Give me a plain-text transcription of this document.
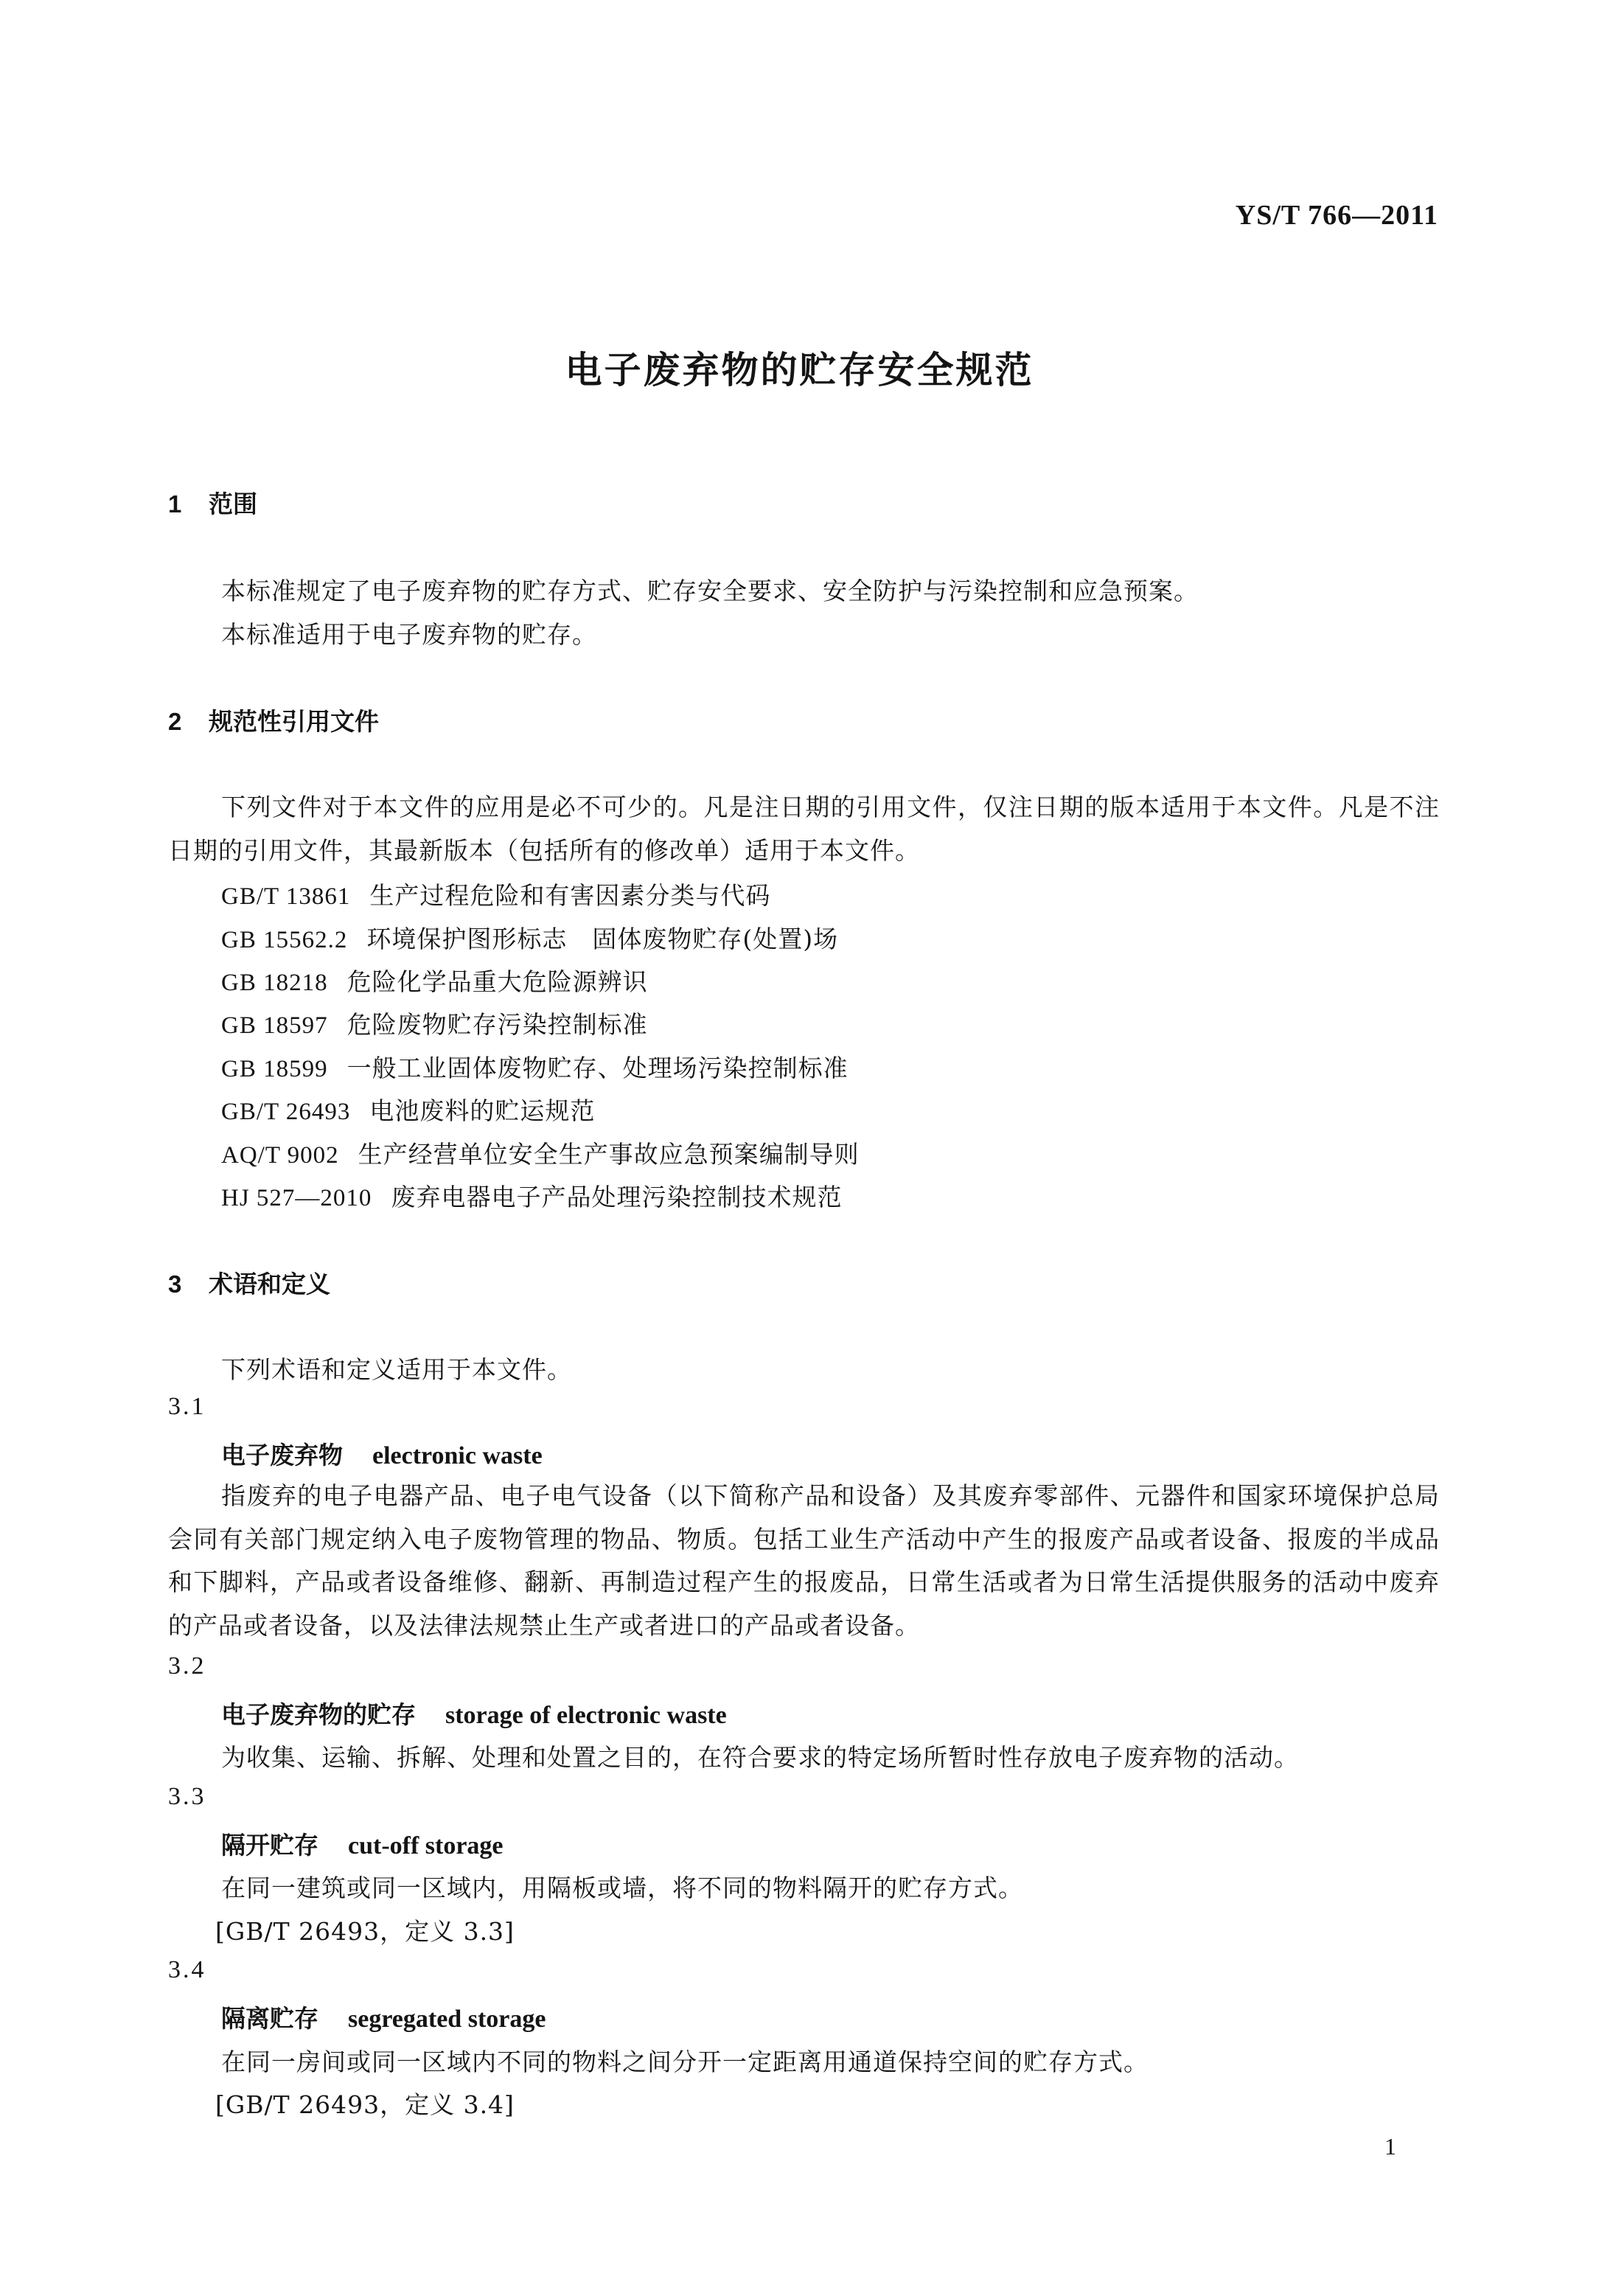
YS/T 766—2011
电子废弃物的贮存安全规范
1 范围
本标准规定了电子废弃物的贮存方式、贮存安全要求、安全防护与污染控制和应急预案。
本标准适用于电子废弃物的贮存。
2 规范性引用文件
下列文件对于本文件的应用是必不可少的。凡是注日期的引用文件，仅注日期的版本适用于本文件。凡是不注日期的引用文件，其最新版本（包括所有的修改单）适用于本文件。
GB/T 13861 生产过程危险和有害因素分类与代码
GB 15562.2 环境保护图形标志　固体废物贮存(处置)场
GB 18218 危险化学品重大危险源辨识
GB 18597 危险废物贮存污染控制标准
GB 18599 一般工业固体废物贮存、处理场污染控制标准
GB/T 26493 电池废料的贮运规范
AQ/T 9002 生产经营单位安全生产事故应急预案编制导则
HJ 527—2010 废弃电器电子产品处理污染控制技术规范
3 术语和定义
下列术语和定义适用于本文件。
3.1
电子废弃物 electronic waste
指废弃的电子电器产品、电子电气设备（以下简称产品和设备）及其废弃零部件、元器件和国家环境保护总局会同有关部门规定纳入电子废物管理的物品、物质。包括工业生产活动中产生的报废产品或者设备、报废的半成品和下脚料，产品或者设备维修、翻新、再制造过程产生的报废品，日常生活或者为日常生活提供服务的活动中废弃的产品或者设备，以及法律法规禁止生产或者进口的产品或者设备。
3.2
电子废弃物的贮存 storage of electronic waste
为收集、运输、拆解、处理和处置之目的，在符合要求的特定场所暂时性存放电子废弃物的活动。
3.3
隔开贮存 cut-off storage
在同一建筑或同一区域内，用隔板或墙，将不同的物料隔开的贮存方式。
[GB/T 26493，定义 3.3]
3.4
隔离贮存 segregated storage
在同一房间或同一区域内不同的物料之间分开一定距离用通道保持空间的贮存方式。
[GB/T 26493，定义 3.4]
1
